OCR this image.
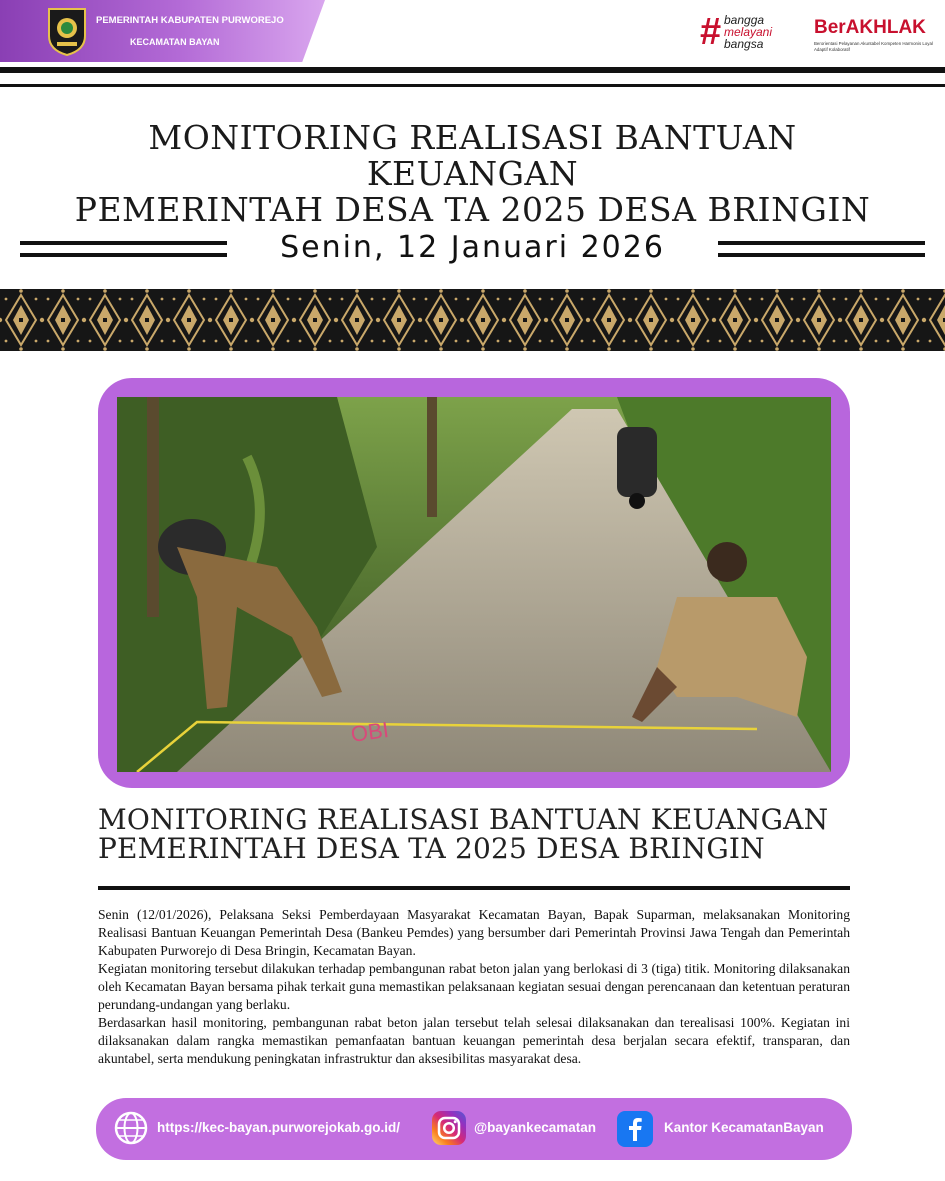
PEMERINTAH KABUPATEN PURWOREJO
KECAMATAN BAYAN	# bangga
melayani
bangsa
BerAKHLAK
Berorientasi Pelayanan Akuntabel Kompeten Harmonis Loyal Adaptif Kolaboratif
MONITORING REALISASI BANTUAN KEUANGAN
PEMERINTAH DESA TA 2025 DESA BRINGIN
Senin, 12 Januari 2026
OBI
MONITORING REALISASI BANTUAN KEUANGAN
PEMERINTAH DESA TA 2025 DESA BRINGIN

Senin (12/01/2026), Pelaksana Seksi Pemberdayaan Masyarakat Kecamatan Bayan, Bapak Suparman, melaksanakan Monitoring Realisasi Bantuan Keuangan Pemerintah Desa (Bankeu Pemdes) yang bersumber dari Pemerintah Provinsi Jawa Tengah dan Pemerintah Kabupaten Purworejo di Desa Bringin, Kecamatan Bayan.

Kegiatan monitoring tersebut dilakukan terhadap pembangunan rabat beton jalan yang berlokasi di 3 (tiga) titik. Monitoring dilaksanakan oleh Kecamatan Bayan bersama pihak terkait guna memastikan pelaksanaan kegiatan sesuai dengan perencanaan dan ketentuan peraturan perundang-undangan yang berlaku.

Berdasarkan hasil monitoring, pembangunan rabat beton jalan tersebut telah selesai dilaksanakan dan terealisasi 100%. Kegiatan ini dilaksanakan dalam rangka memastikan pemanfaatan bantuan keuangan pemerintah desa berjalan secara efektif, transparan, dan akuntabel, serta mendukung peningkatan infrastruktur dan aksesibilitas masyarakat desa.

https://kec-bayan.purworejokab.go.id/	@bayankecamatan	Kantor KecamatanBayan
